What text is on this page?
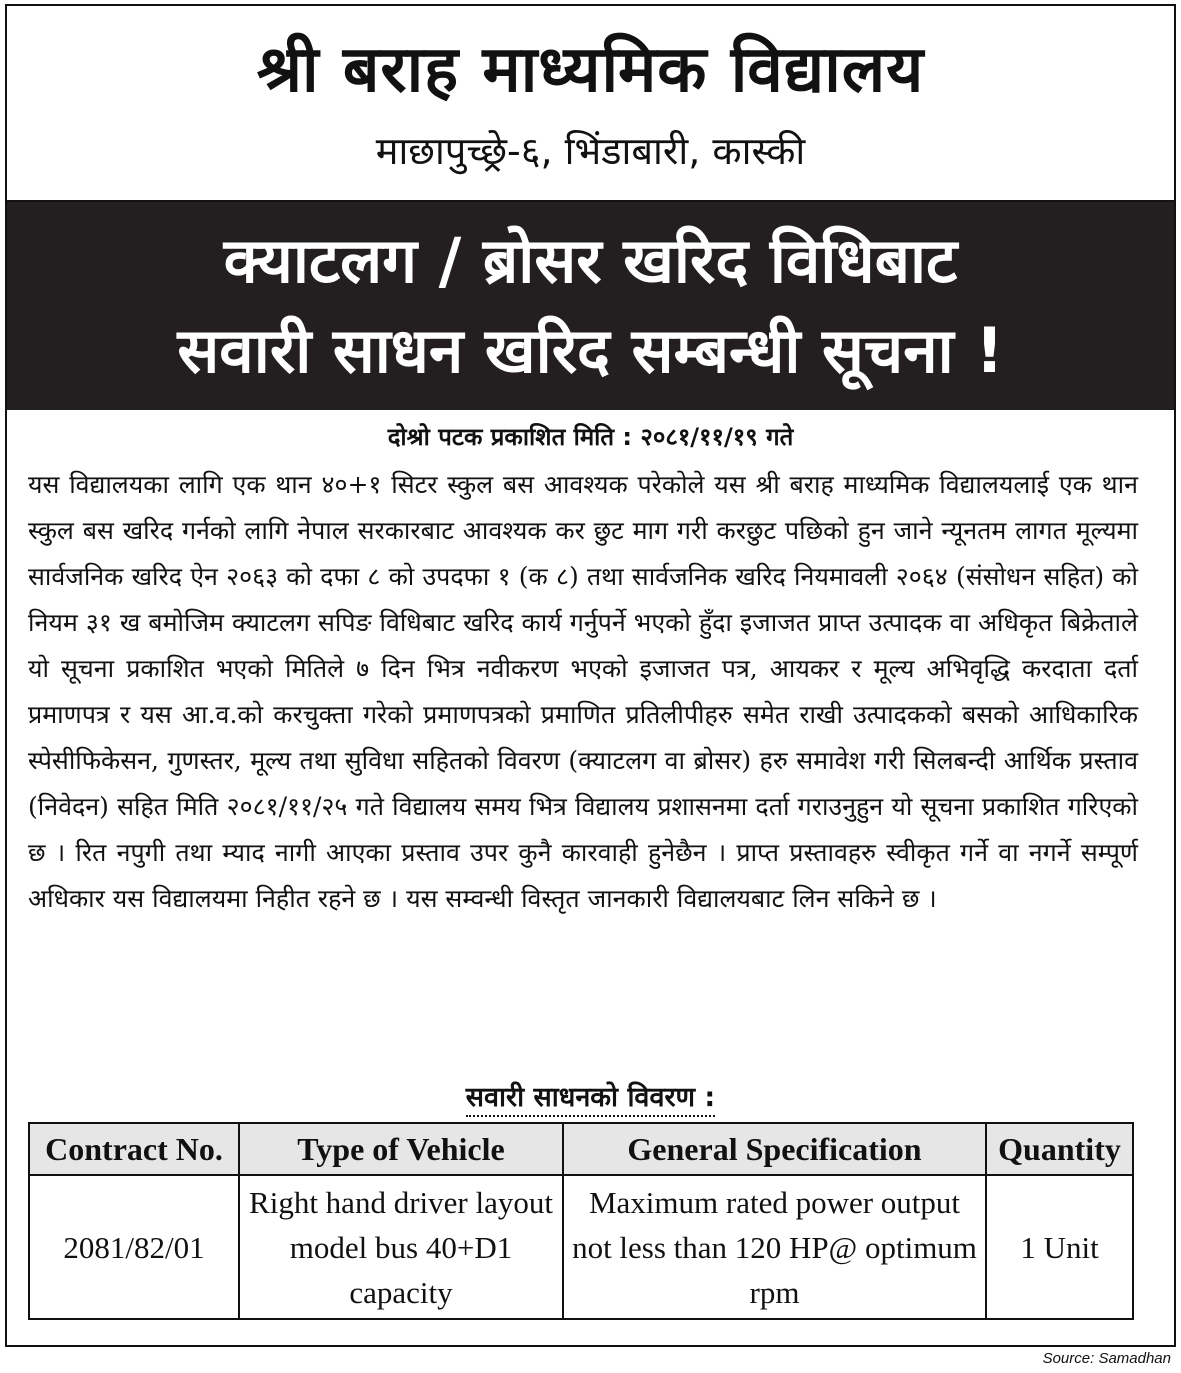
श्री बराह माध्यमिक विद्यालय
माछापुच्छ्रे-६, भिंडाबारी, कास्की
क्याटलग / ब्रोसर खरिद विधिबाट
सवारी साधन खरिद सम्बन्धी सूचना !
दोश्रो पटक प्रकाशित मिति : २०८१/११/१९ गते
यस विद्यालयका लागि एक थान ४०+१ सिटर स्कुल बस आवश्यक परेकोले यस श्री बराह माध्यमिक विद्यालयलाई एक थान स्कुल बस खरिद गर्नको लागि नेपाल सरकारबाट आवश्यक कर छुट माग गरी करछुट पछिको हुन जाने न्यूनतम लागत मूल्यमा सार्वजनिक खरिद ऐन २०६३ को दफा ८ को उपदफा १ (क ८) तथा सार्वजनिक खरिद नियमावली २०६४ (संसोधन सहित) को नियम ३१ ख बमोजिम क्याटलग सपिङ विधिबाट खरिद कार्य गर्नुपर्ने भएको हुँदा इजाजत प्राप्त उत्पादक वा अधिकृत बिक्रेताले यो सूचना प्रकाशित भएको मितिले ७ दिन भित्र नवीकरण भएको इजाजत पत्र, आयकर र मूल्य अभिवृद्धि करदाता दर्ता प्रमाणपत्र र यस आ.व.को करचुक्ता गरेको प्रमाणपत्रको प्रमाणित प्रतिलीपीहरु समेत राखी उत्पादकको बसको आधिकारिक स्पेसीफिकेसन, गुणस्तर, मूल्य तथा सुविधा सहितको विवरण (क्याटलग वा ब्रोसर) हरु समावेश गरी सिलबन्दी आर्थिक प्रस्ताव (निवेदन) सहित मिति २०८१/११/२५ गते विद्यालय समय भित्र विद्यालय प्रशासनमा दर्ता गराउनुहुन यो सूचना प्रकाशित गरिएको छ । रित नपुगी तथा म्याद नागी आएका प्रस्ताव उपर कुनै कारवाही हुनेछैन । प्राप्त प्रस्तावहरु स्वीकृत गर्ने वा नगर्ने सम्पूर्ण अधिकार यस विद्यालयमा निहीत रहने छ । यस सम्वन्धी विस्तृत जानकारी विद्यालयबाट लिन सकिने छ ।
सवारी साधनको विवरण :
Contract No.	Type of Vehicle	General Specification	Quantity
2081/82/01	Right hand driver layout model bus 40+D1 capacity	Maximum rated power output not less than 120 HP@ optimum rpm	1 Unit
Source: Samadhan
